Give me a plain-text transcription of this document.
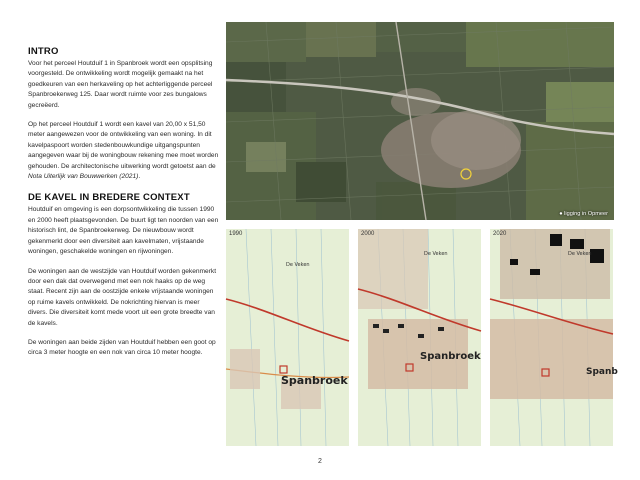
INTRO

Voor het perceel Houtduif 1 in Spanbroek wordt een opsplitsing voorgesteld. De ontwikkeling wordt mogelijk gemaakt na het goedkeuren van een herkaveling op het achterliggende perceel Spanbroekerweg 125. Daar wordt ruimte voor zes bungalows gecreëerd.

Op het perceel Houtduif 1 wordt een kavel van 20,00 x 51,50 meter aangewezen voor de ontwikkeling van een woning. In dit kavelpaspoort worden stedenbouwkundige uitgangspunten aangegeven waar bij de woningbouw rekening mee moet worden gehouden. De architectonische uitwerking wordt getoetst aan de Nota Uiterlijk van Bouwwerken (2021).

DE KAVEL IN BREDERE CONTEXT

Houtduif en omgeving is een dorpsontwikkeling die tussen 1990 en 2000 heeft plaatsgevonden. De buurt ligt ten noorden van een historisch lint, de Spanbroekerweg. De nieuwbouw wordt gekenmerkt door een diversiteit aan kavelmaten, vrijstaande woningen, geschakelde woningen en rijwoningen.

De woningen aan de westzijde van Houtduif worden gekenmerkt door een dak dat overwegend met een nok haaks op de weg staat. Recent zijn aan de oostzijde enkele vrijstaande woningen op ruime kavels ontwikkeld. De nokrichting hiervan is meer divers. Die diversiteit komt mede voort uit een grote breedte van de kavels.

De woningen aan beide zijden van Houtduif hebben een goot op circa 3 meter hoogte en een nok van circa 10 meter hoogte.

● ligging in Opmeer
Spanbroek
De Veken
1990
Spanbroek
De Veken
2000
Spanb
De Veken
2020
2
